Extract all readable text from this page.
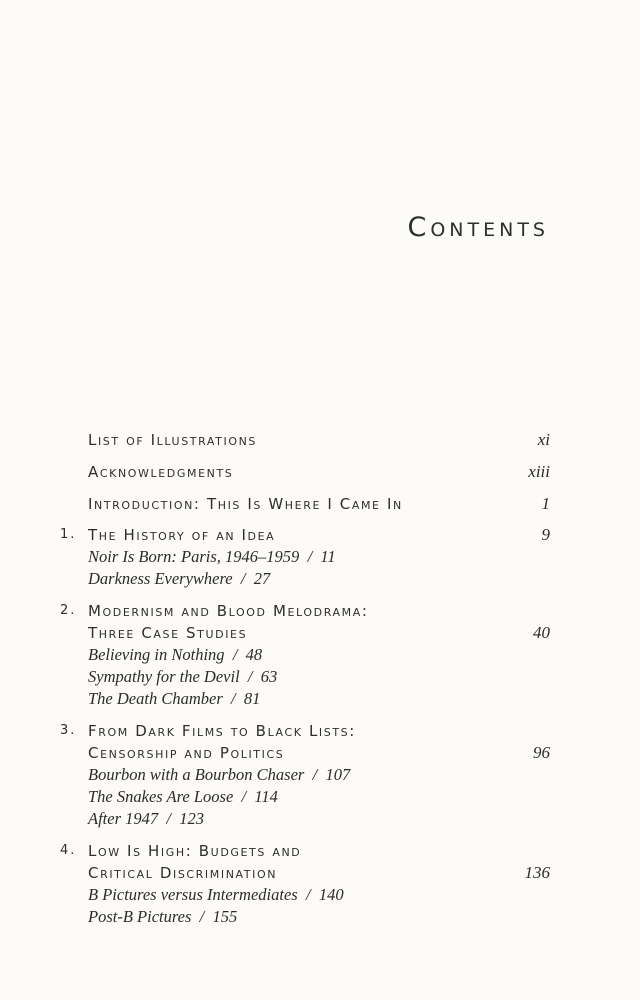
Contents
List of Illustrations	xi
Acknowledgments	xiii
Introduction: This Is Where I Came In	1
1. The History of an Idea	9
Noir Is Born: Paris, 1946–1959 / 11
Darkness Everywhere / 27
2. Modernism and Blood Melodrama:
Three Case Studies	40
Believing in Nothing / 48
Sympathy for the Devil / 63
The Death Chamber / 81
3. From Dark Films to Black Lists:
Censorship and Politics	96
Bourbon with a Bourbon Chaser / 107
The Snakes Are Loose / 114
After 1947 / 123
4. Low Is High: Budgets and
Critical Discrimination	136
B Pictures versus Intermediates / 140
Post-B Pictures / 155
